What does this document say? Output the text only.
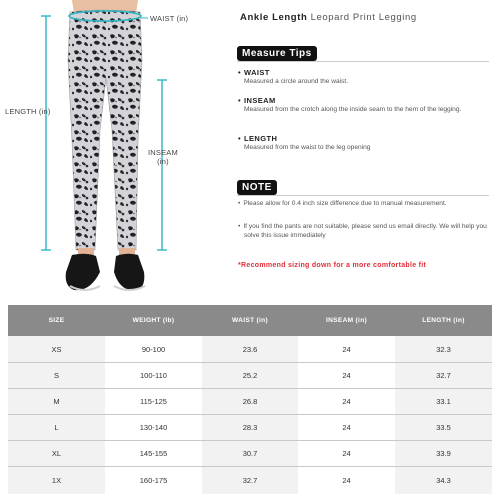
WAIST (in)
LENGTH (in)
INSEAM
(in)
Ankle Length Leopard Print Legging
Measure Tips
• WAIST
Measured a circle around the waist.
• INSEAM
Measured from the crotch along the inside seam to the hem of the legging.
• LENGTH
Measured from the waist to the leg opening
NOTE
• Please allow for 0.4 inch size difference due to manual measurement.
• If you find the pants are not suitable, please send us email directly. We will help you solve this issue immediately
*Recommend sizing down for a more comfortable fit
SIZE	WEIGHT (lb)	WAIST (in)	INSEAM (in)	LENGTH (in)
XS	90-100	23.6	24	32.3
S	100-110	25.2	24	32.7
M	115-125	26.8	24	33.1
L	130-140	28.3	24	33.5
XL	145-155	30.7	24	33.9
1X	160-175	32.7	24	34.3
